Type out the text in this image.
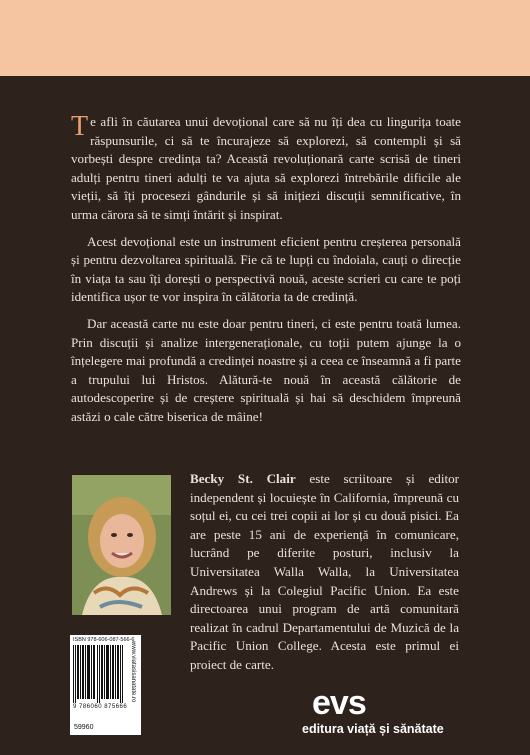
Te afli în căutarea unui devoțional care să nu îți dea cu lingurița toate răspunsurile, ci să te încurajeze să explorezi, să contempli și să vorbești despre credința ta? Această revoluționară carte scrisă de tineri adulți pentru tineri adulți te va ajuta să explorezi întrebările dificile ale vieții, să îți procesezi gândurile și să inițiezi discuții semnificative, în urma cărora să te simți întărit și inspirat.

Acest devoțional este un instrument eficient pentru creșterea personală și pentru dezvoltarea spirituală. Fie că te lupți cu îndoiala, cauți o direcție în viața ta sau îți dorești o perspectivă nouă, aceste scrieri cu care te poți identifica ușor te vor inspira în călătoria ta de credință.

Dar această carte nu este doar pentru tineri, ci este pentru toată lumea. Prin discuții și analize intergeneraționale, cu toții putem ajunge la o înțelegere mai profundă a credinței noastre și a ceea ce înseamnă a fi parte a trupului lui Hristos. Alătură-te nouă în această călătorie de autodescoperire și de creștere spirituală și hai să deschidem împreună astăzi o cale către biserica de mâine!

Becky St. Clair este scriitoare și editor independent și locuiește în California, împreună cu soțul ei, cu cei trei copii ai lor și cu două pisici. Ea are peste 15 ani de experiență în comunicare, lucrând pe diferite posturi, inclusiv la Universitatea Walla Walla, la Universitatea Andrews și la Colegiul Pacific Union. Ea este directoarea unui program de artă comunitară realizat în cadrul Departamentului de Muzică de la Pacific Union College. Acesta este primul ei proiect de carte.

ISBN 978-606-087-566-6
9 786060 875666
59960
www.viatasisanatate.ro
evs
editura viață și sănătate
